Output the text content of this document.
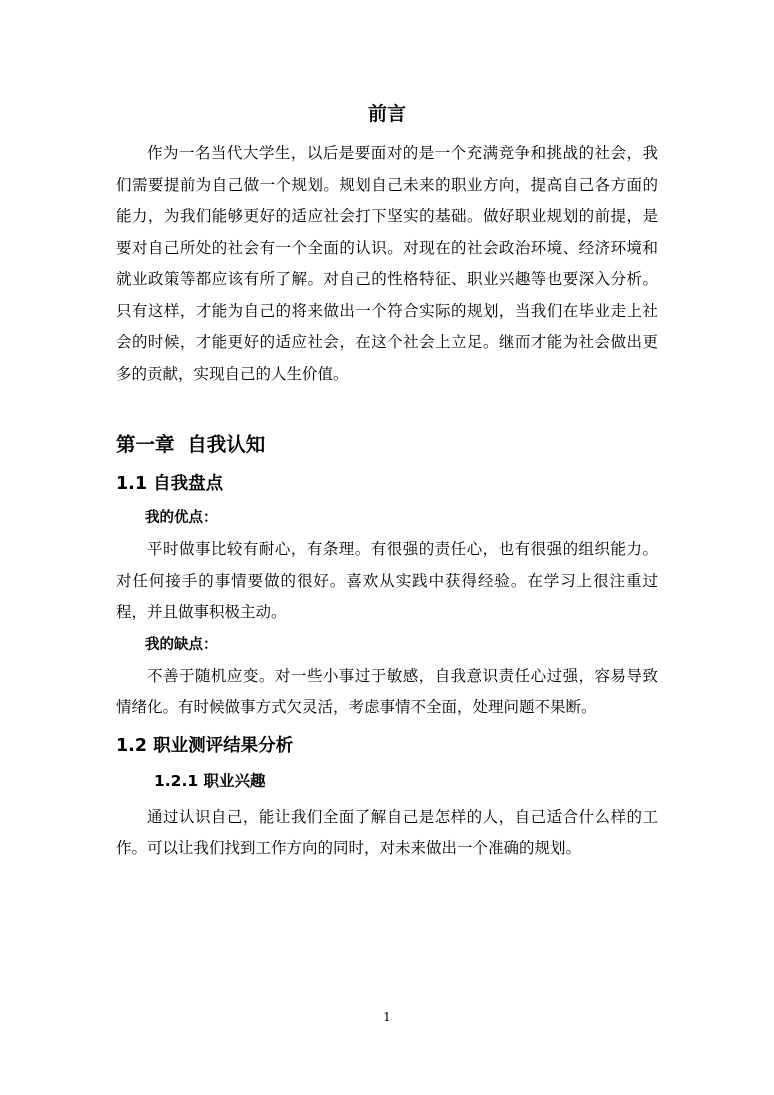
前言

作为一名当代大学生，以后是要面对的是一个充满竞争和挑战的社会，我们需要提前为自己做一个规划。规划自己未来的职业方向，提高自己各方面的能力，为我们能够更好的适应社会打下坚实的基础。做好职业规划的前提，是要对自己所处的社会有一个全面的认识。对现在的社会政治环境、经济环境和就业政策等都应该有所了解。对自己的性格特征、职业兴趣等也要深入分析。只有这样，才能为自己的将来做出一个符合实际的规划，当我们在毕业走上社会的时候，才能更好的适应社会，在这个社会上立足。继而才能为社会做出更多的贡献，实现自己的人生价值。

第一章 自我认知
1.1 自我盘点
我的优点：

平时做事比较有耐心，有条理。有很强的责任心，也有很强的组织能力。对任何接手的事情要做的很好。喜欢从实践中获得经验。在学习上很注重过程，并且做事积极主动。

我的缺点：

不善于随机应变。对一些小事过于敏感，自我意识责任心过强，容易导致情绪化。有时候做事方式欠灵活，考虑事情不全面，处理问题不果断。

1.2 职业测评结果分析
1.2.1 职业兴趣

通过认识自己，能让我们全面了解自己是怎样的人，自己适合什么样的工作。可以让我们找到工作方向的同时，对未来做出一个准确的规划。

1
